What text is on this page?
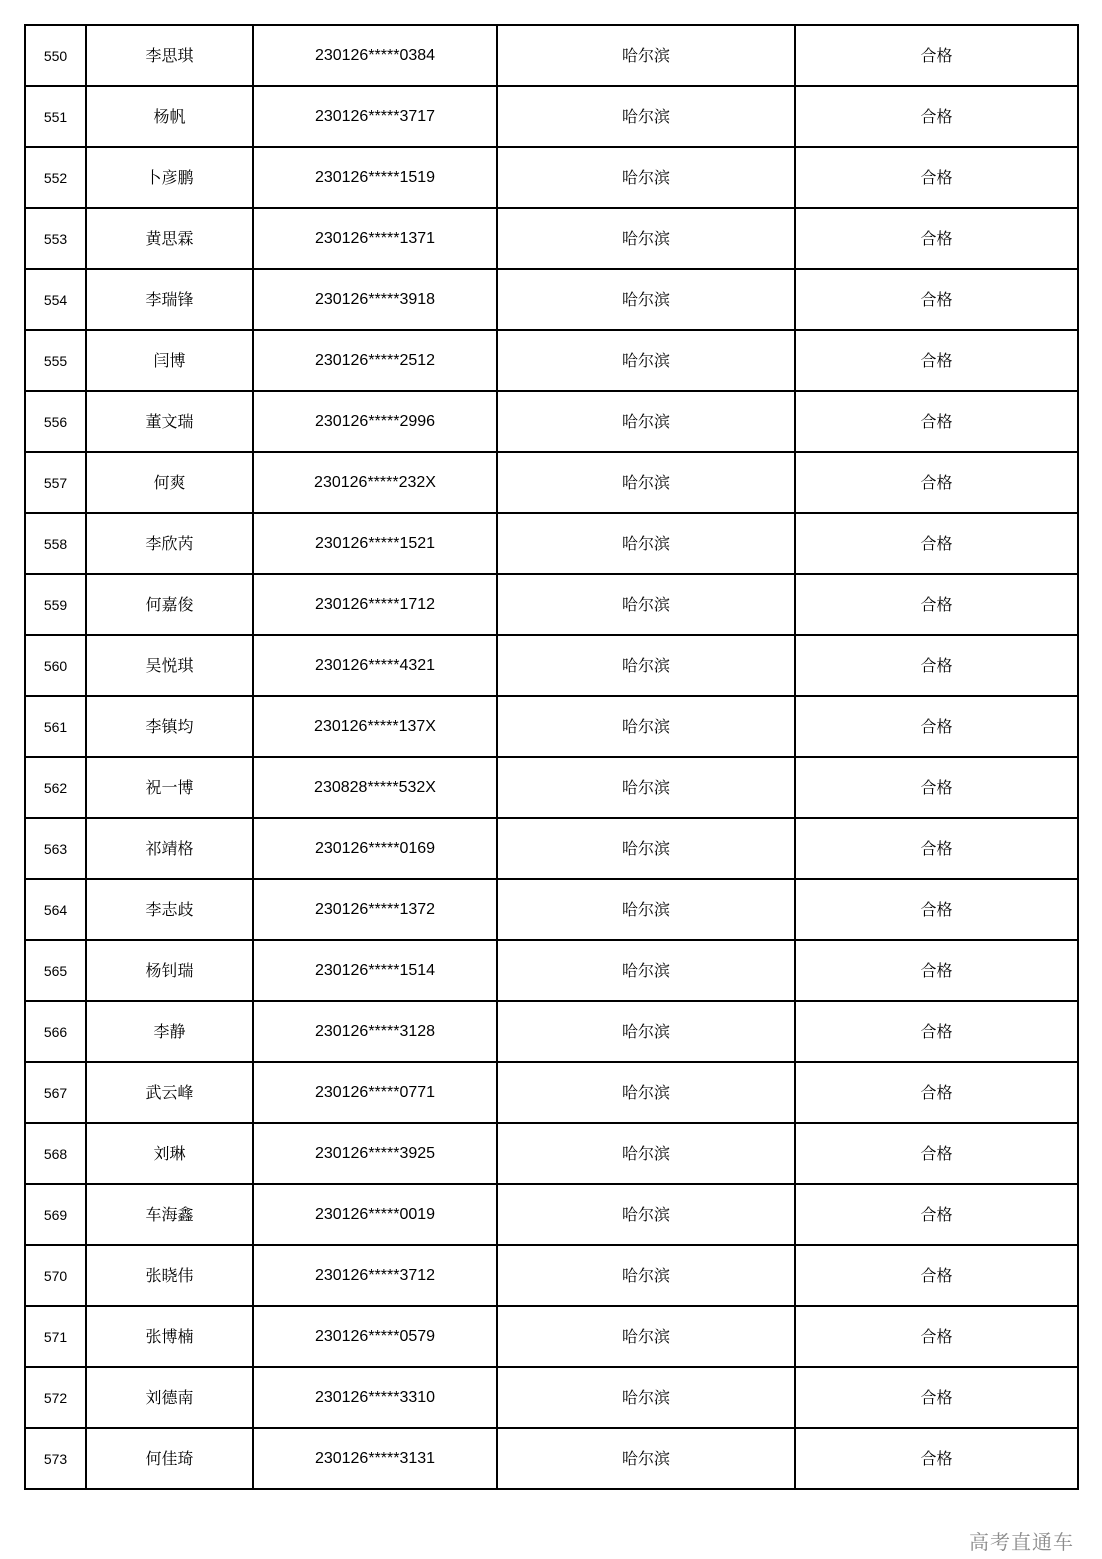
550	李思琪	230126*****0384	哈尔滨	合格
551	杨帆	230126*****3717	哈尔滨	合格
552	卜彦鹏	230126*****1519	哈尔滨	合格
553	黄思霖	230126*****1371	哈尔滨	合格
554	李瑞锋	230126*****3918	哈尔滨	合格
555	闫博	230126*****2512	哈尔滨	合格
556	董文瑞	230126*****2996	哈尔滨	合格
557	何爽	230126*****232X	哈尔滨	合格
558	李欣芮	230126*****1521	哈尔滨	合格
559	何嘉俊	230126*****1712	哈尔滨	合格
560	吴悦琪	230126*****4321	哈尔滨	合格
561	李镇均	230126*****137X	哈尔滨	合格
562	祝一博	230828*****532X	哈尔滨	合格
563	祁靖格	230126*****0169	哈尔滨	合格
564	李志歧	230126*****1372	哈尔滨	合格
565	杨钊瑞	230126*****1514	哈尔滨	合格
566	李静	230126*****3128	哈尔滨	合格
567	武云峰	230126*****0771	哈尔滨	合格
568	刘琳	230126*****3925	哈尔滨	合格
569	车海鑫	230126*****0019	哈尔滨	合格
570	张晓伟	230126*****3712	哈尔滨	合格
571	张博楠	230126*****0579	哈尔滨	合格
572	刘德南	230126*****3310	哈尔滨	合格
573	何佳琦	230126*****3131	哈尔滨	合格
高考直通车
